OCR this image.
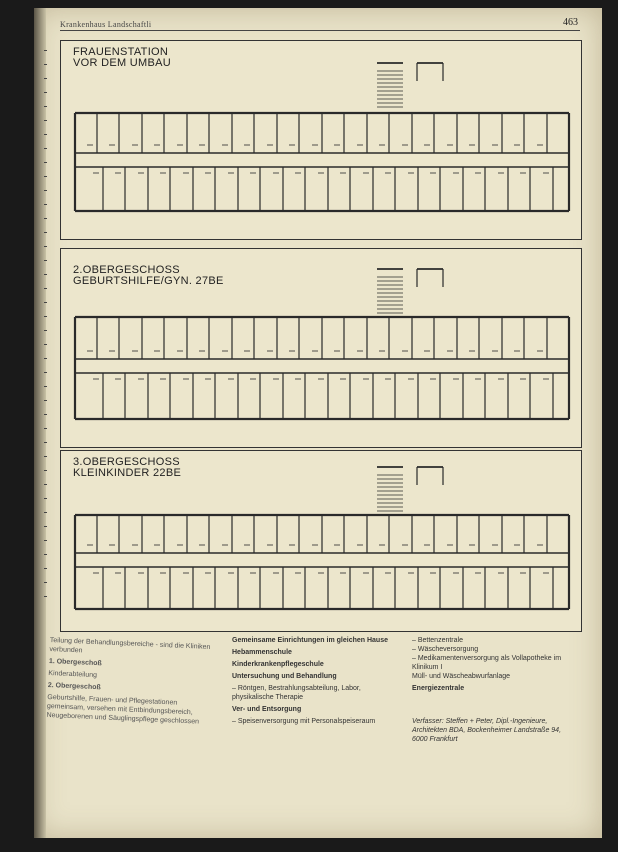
Krankenhaus Landschaftli	463
FRAUENSTATION
VOR DEM UMBAU
2.OBERGESCHOSS
GEBURTSHILFE/GYN. 27BE
3.OBERGESCHOSS
KLEINKINDER 22BE

Teilung der Behandlungsbereiche - sind die Kliniken verbunden

1. Obergeschoß

Kinderabteilung

2. Obergeschoß

Geburtshilfe, Frauen- und Pflegestationen gemeinsam, versehen mit Entbindungsbereich, Neugeborenen und Säuglingspflege geschlossen

Gemeinsame Einrichtungen im gleichen Hause

Hebammenschule

Kinderkrankenpflegeschule

Untersuchung und Behandlung

– Röntgen, Bestrahlungsabteilung, Labor, physikalische Therapie

Ver- und Entsorgung

– Speisenversorgung mit Personalspeiseraum

– Bettenzentrale

– Wäscheversorgung

– Medikamentenversorgung als Vollapotheke im Klinikum I

Müll- und Wäscheabwurfanlage

Energiezentrale

Verfasser: Steffen + Peter, Dipl.-Ingenieure, Architekten BDA, Bockenheimer Landstraße 94, 6000 Frankfurt
